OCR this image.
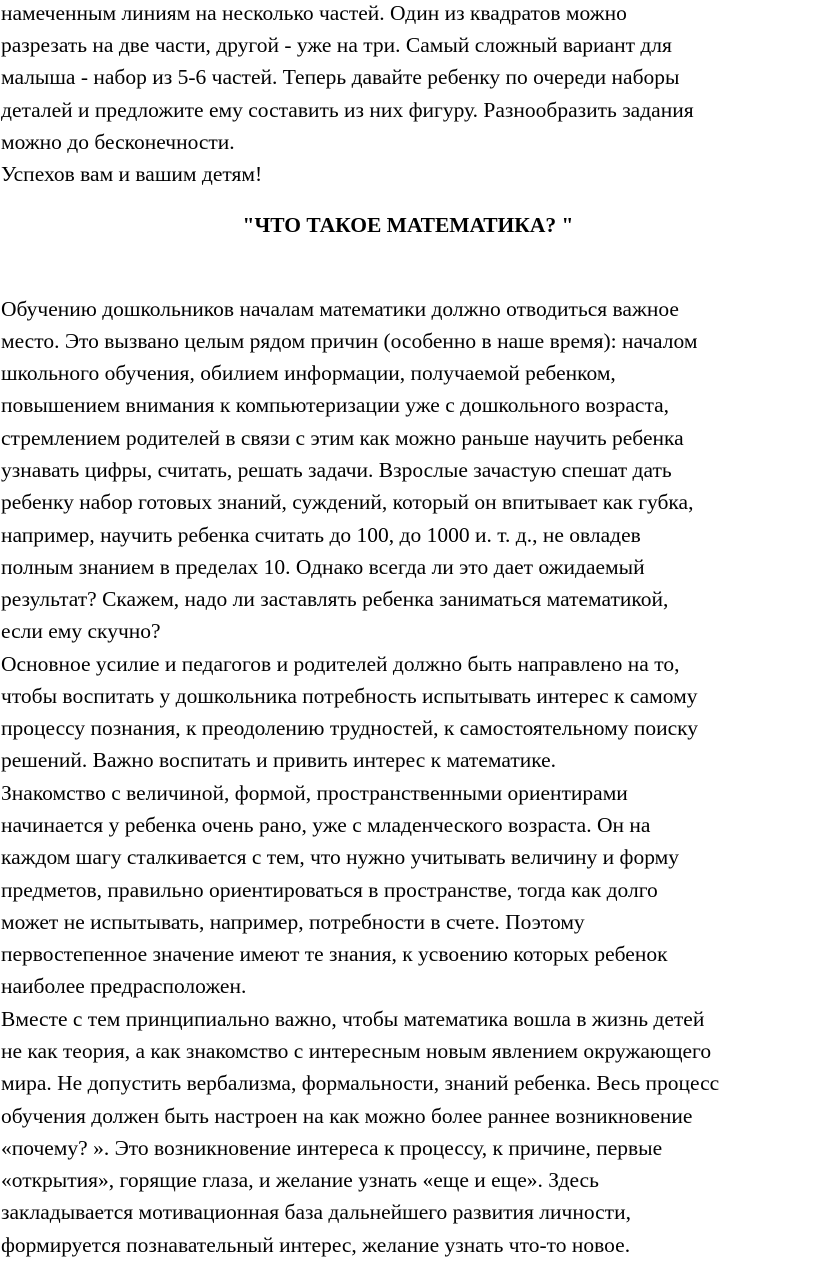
намеченным линиям на несколько частей. Один из квадратов можно
разрезать на две части, другой - уже на три. Самый сложный вариант для
малыша - набор из 5-6 частей. Теперь давайте ребенку по очереди наборы
деталей и предложите ему составить из них фигуру. Разнообразить задания
можно до бесконечности.
Успехов вам и вашим детям!
"ЧТО ТАКОЕ МАТЕМАТИКА? "
Обучению дошкольников началам математики должно отводиться важное
место. Это вызвано целым рядом причин (особенно в наше время): началом
школьного обучения, обилием информации, получаемой ребенком,
повышением внимания к компьютеризации уже с дошкольного возраста,
стремлением родителей в связи с этим как можно раньше научить ребенка
узнавать цифры, считать, решать задачи. Взрослые зачастую спешат дать
ребенку набор готовых знаний, суждений, который он впитывает как губка,
например, научить ребенка считать до 100, до 1000 и. т. д., не овладев
полным знанием в пределах 10. Однако всегда ли это дает ожидаемый
результат? Скажем, надо ли заставлять ребенка заниматься математикой,
если ему скучно?
Основное усилие и педагогов и родителей должно быть направлено на то,
чтобы воспитать у дошкольника потребность испытывать интерес к самому
процессу познания, к преодолению трудностей, к самостоятельному поиску
решений. Важно воспитать и привить интерес к математике.
Знакомство с величиной, формой, пространственными ориентирами
начинается у ребенка очень рано, уже с младенческого возраста. Он на
каждом шагу сталкивается с тем, что нужно учитывать величину и форму
предметов, правильно ориентироваться в пространстве, тогда как долго
может не испытывать, например, потребности в счете. Поэтому
первостепенное значение имеют те знания, к усвоению которых ребенок
наиболее предрасположен.
Вместе с тем принципиально важно, чтобы математика вошла в жизнь детей
не как теория, а как знакомство с интересным новым явлением окружающего
мира. Не допустить вербализма, формальности, знаний ребенка. Весь процесс
обучения должен быть настроен на как можно более раннее возникновение
«почему? ». Это возникновение интереса к процессу, к причине, первые
«открытия», горящие глаза, и желание узнать «еще и еще». Здесь
закладывается мотивационная база дальнейшего развития личности,
формируется познавательный интерес, желание узнать что-то новое.
